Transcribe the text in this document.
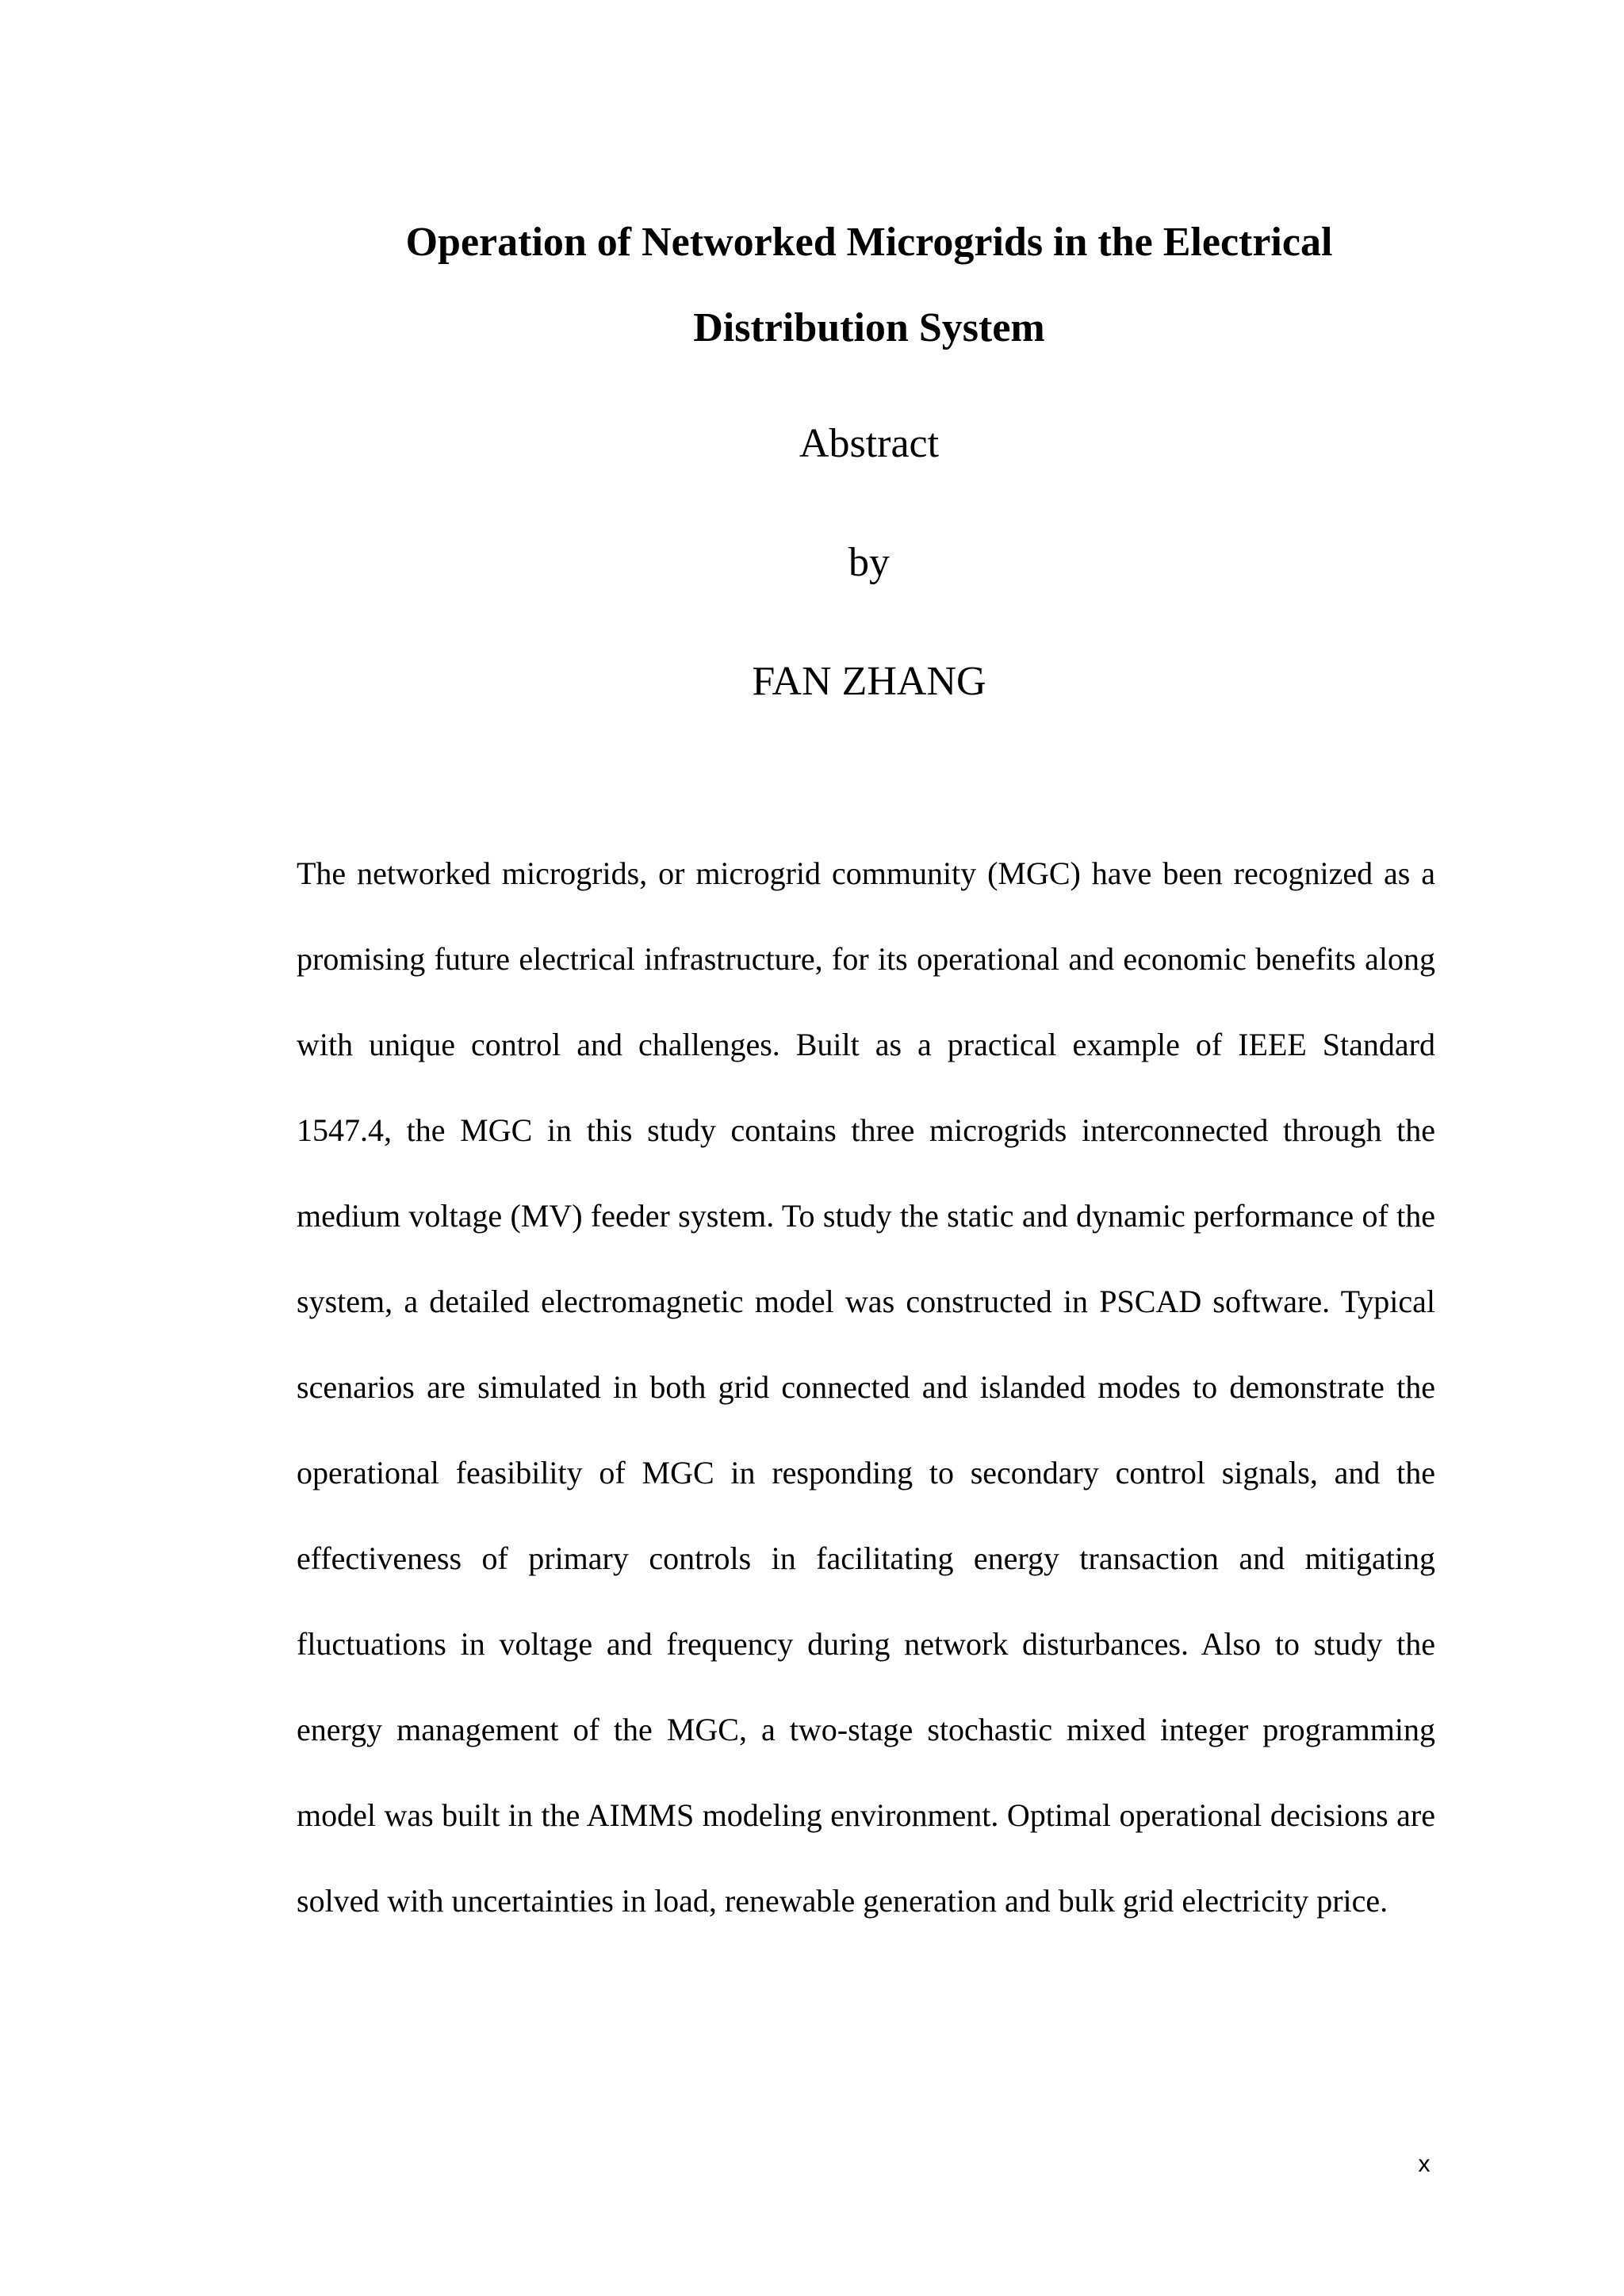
Operation of Networked Microgrids in the Electrical
Distribution System
Abstract
by
FAN ZHANG

The networked microgrids, or microgrid community (MGC) have been recognized as a promising future electrical infrastructure, for its operational and economic benefits along with unique control and challenges. Built as a practical example of IEEE Standard 1547.4, the MGC in this study contains three microgrids interconnected through the medium voltage (MV) feeder system. To study the static and dynamic performance of the system, a detailed electromagnetic model was constructed in PSCAD software. Typical scenarios are simulated in both grid connected and islanded modes to demonstrate the operational feasibility of MGC in responding to secondary control signals, and the effectiveness of primary controls in facilitating energy transaction and mitigating fluctuations in voltage and frequency during network disturbances. Also to study the energy management of the MGC, a two-stage stochastic mixed integer programming model was built in the AIMMS modeling environment. Optimal operational decisions are solved with uncertainties in load, renewable generation and bulk grid electricity price.

x
